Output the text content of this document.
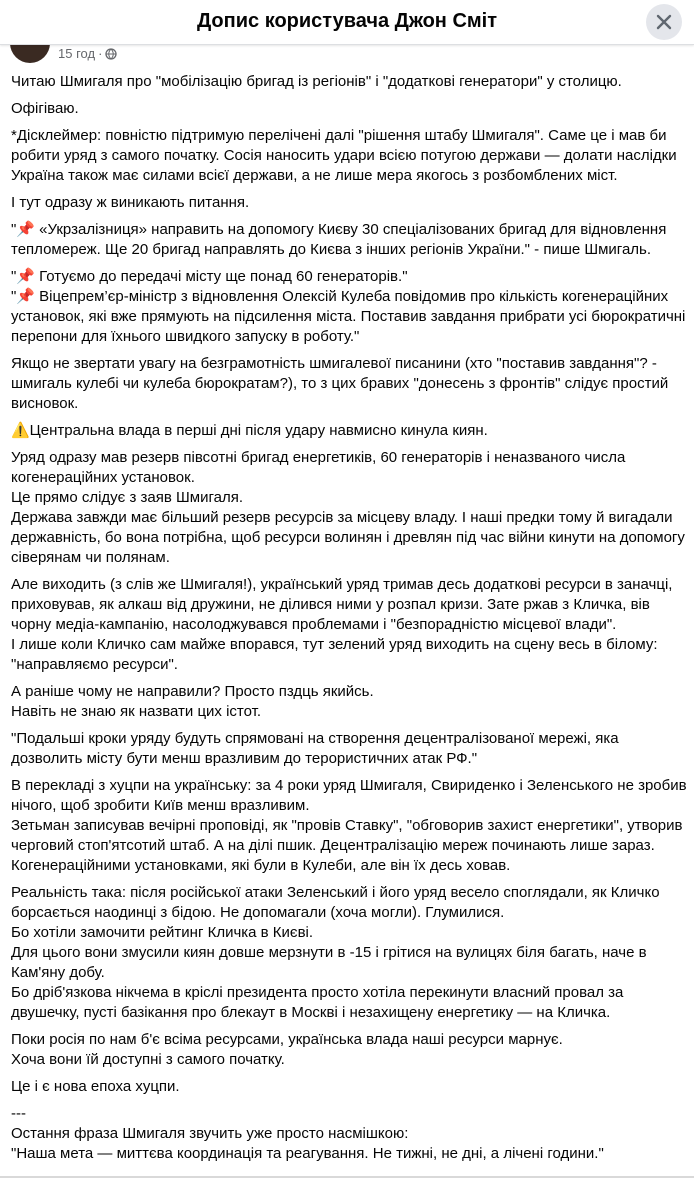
Допис користувача Джон Сміт
15 год ·

Читаю Шмигаля про "мобілізацію бригад із регіонів" і "додаткові генератори" у столицю.

Офігіваю.

*Дісклеймер: повністю підтримую перелічені далі "рішення штабу Шмигаля". Саме це і мав би робити уряд з самого початку. Сосія наносить удари всією потугою держави — долати наслідки Україна також має силами всієї держави, а не лише мера якогось з розбомблених міст.

І тут одразу ж виникають питання.

"📌 «Укрзалізниця» направить на допомогу Києву 30 спеціалізованих бригад для відновлення тепломереж. Ще 20 бригад направлять до Києва з інших регіонів України." - пише Шмигаль.

"📌 Готуємо до передачі місту ще понад 60 генераторів."
"📌 Віцепрем’єр-міністр з відновлення Олексій Кулеба повідомив про кількість когенераційних установок, які вже прямують на підсилення міста. Поставив завдання прибрати усі бюрократичні перепони для їхнього швидкого запуску в роботу."

Якщо не звертати увагу на безграмотність шмигалевої писанини (хто "поставив завдання"? - шмигаль кулебі чи кулеба бюрократам?), то з цих бравих "донесень з фронтів" слідує простий висновок.

⚠️Центральна влада в перші дні після удару навмисно кинула киян.

Уряд одразу мав резерв півсотні бригад енергетиків, 60 генераторів і неназваного числа когенераційних установок.
Це прямо слідує з заяв Шмигаля.
Держава завжди має більший резерв ресурсів за місцеву владу. І наші предки тому й вигадали державність, бо вона потрібна, щоб ресурси волинян і древлян під час війни кинути на допомогу сіверянам чи полянам.

Але виходить (з слів же Шмигаля!), український уряд тримав десь додаткові ресурси в заначці, приховував, як алкаш від дружини, не ділився ними у розпал кризи. Зате ржав з Кличка, вів чорну медіа-кампанію, насолоджувався проблемами і "безпорадністю місцевої влади".
І лише коли Кличко сам майже впорався, тут зелений уряд виходить на сцену весь в білому: "направляємо ресурси".

А раніше чому не направили? Просто пздць якийсь.
Навіть не знаю як назвати цих істот.

"Подальші кроки уряду будуть спрямовані на створення децентралізованої мережі, яка дозволить місту бути менш вразливим до терористичних атак РФ."

В перекладі з хуцпи на українську: за 4 роки уряд Шмигаля, Свириденко і Зеленського не зробив нічого, щоб зробити Київ менш вразливим.
Зетьман записував вечірні проповіді, як "провів Ставку", "обговорив захист енергетики", утворив черговий стоп'ятсотий штаб. А на ділі пшик. Децентралізацію мереж починають лише зараз. Когенераційними установками, які були в Кулеби, але він їх десь ховав.

Реальність така: після російської атаки Зеленський і його уряд весело споглядали, як Кличко борсається наодинці з бідою. Не допомагали (хоча могли). Глумилися.
Бо хотіли замочити рейтинг Кличка в Києві.
Для цього вони змусили киян довше мерзнути в -15 і грітися на вулицях біля багать, наче в Кам'яну добу.
Бо дріб'язкова нікчема в кріслі президента просто хотіла перекинути власний провал за двушечку, пусті базікання про блекаут в Москві і незахищену енергетику — на Кличка.

Поки росія по нам б'є всіма ресурсами, українська влада наші ресурси марнує.
Хоча вони їй доступні з самого початку.

Це і є нова епоха хуцпи.

---
Остання фраза Шмигаля звучить уже просто насмішкою:
"Наша мета — миттєва координація та реагування. Не тижні, не дні, а лічені години."
